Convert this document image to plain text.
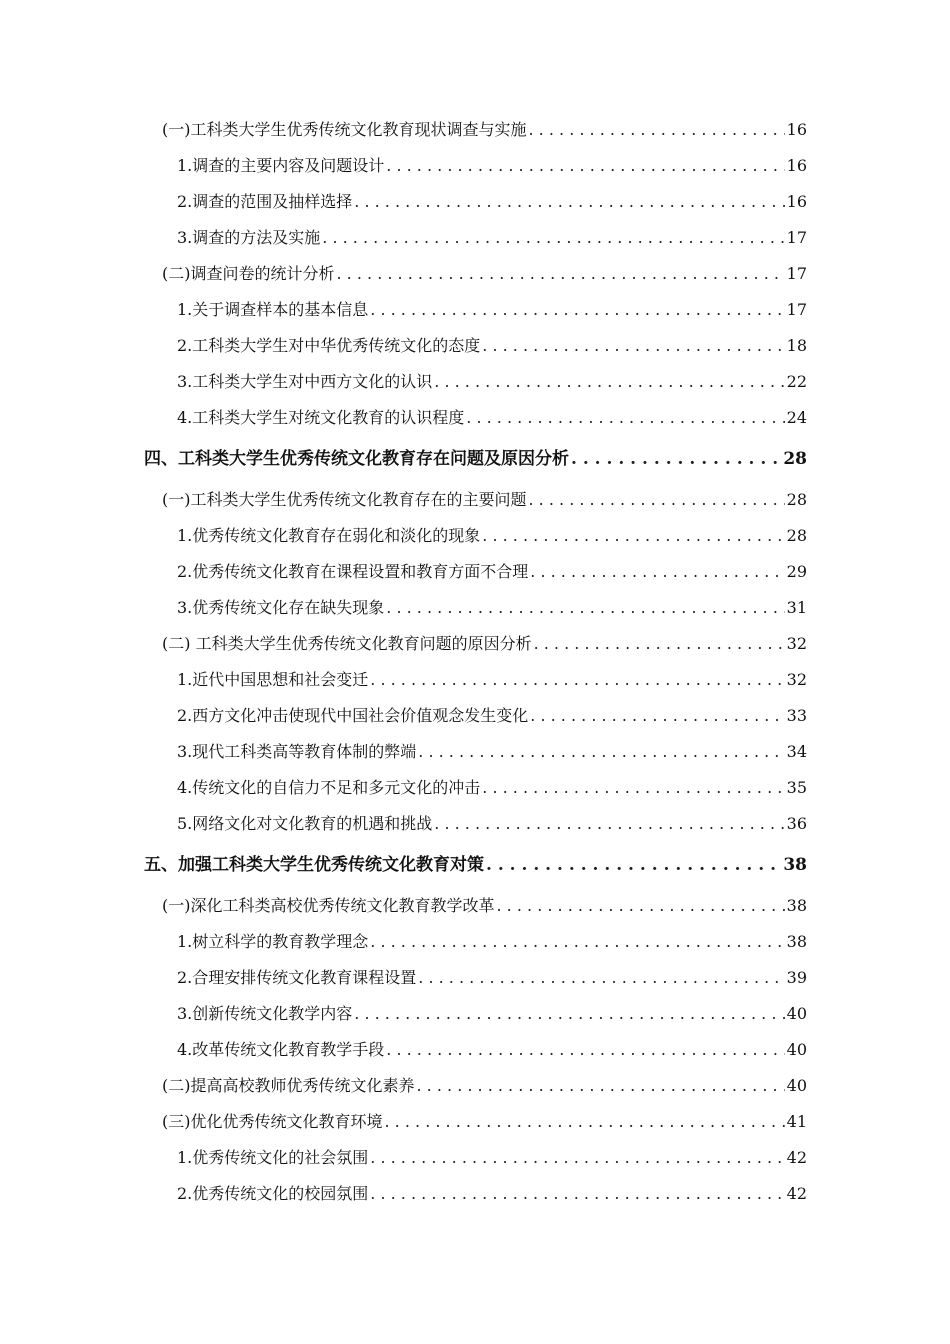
(一)工科类大学生优秀传统文化教育现状调查与实施 . . .	16
1.调查的主要内容及问题设计 . . .	16
2.调查的范围及抽样选择 . . .	16
3.调查的方法及实施 . . .	17
(二)调查问卷的统计分析 . . .	17
1.关于调查样本的基本信息 . . .	17
2.工科类大学生对中华优秀传统文化的态度 . . .	18
3.工科类大学生对中西方文化的认识 . . .	22
4.工科类大学生对统文化教育的认识程度 . . .	24
四、工科类大学生优秀传统文化教育存在问题及原因分析 . . .	28
(一)工科类大学生优秀传统文化教育存在的主要问题 . . .	28
1.优秀传统文化教育存在弱化和淡化的现象 . . .	28
2.优秀传统文化教育在课程设置和教育方面不合理 . . .	29
3.优秀传统文化存在缺失现象 . . .	31
(二) 工科类大学生优秀传统文化教育问题的原因分析 . . .	32
1.近代中国思想和社会变迁 . . .	32
2.西方文化冲击使现代中国社会价值观念发生变化 . . .	33
3.现代工科类高等教育体制的弊端 . . .	34
4.传统文化的自信力不足和多元文化的冲击 . . .	35
5.网络文化对文化教育的机遇和挑战 . . .	36
五、加强工科类大学生优秀传统文化教育对策 . . .	38
(一)深化工科类高校优秀传统文化教育教学改革 . . .	38
1.树立科学的教育教学理念 . . .	38
2.合理安排传统文化教育课程设置 . . .	39
3.创新传统文化教学内容 . . .	40
4.改革传统文化教育教学手段 . . .	40
(二)提高高校教师优秀传统文化素养 . . .	40
(三)优化优秀传统文化教育环境 . . .	41
1.优秀传统文化的社会氛围 . . .	42
2.优秀传统文化的校园氛围 . . .	42
